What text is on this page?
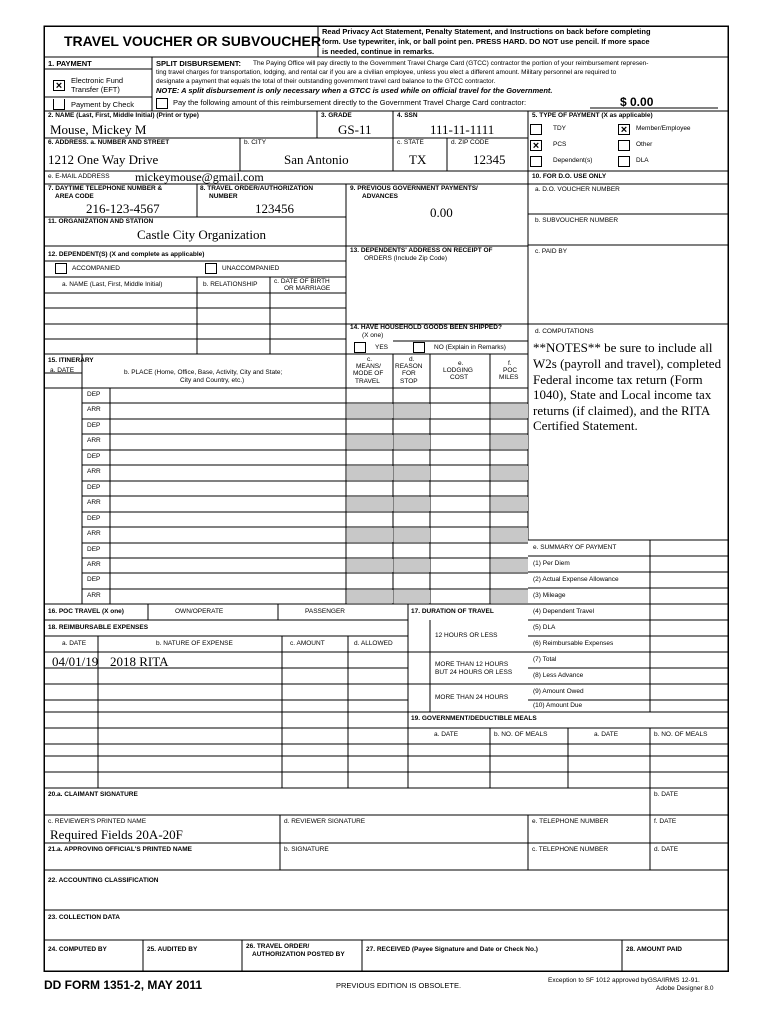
TRAVEL VOUCHER OR SUBVOUCHER
Read Privacy Act Statement, Penalty Statement, and Instructions on back before completing
form. Use typewriter, ink, or ball point pen. PRESS HARD. DO NOT use pencil. If more space
is needed, continue in remarks.
1. PAYMENT
×	Electronic Fund
Transfer (EFT)
Payment by Check
SPLIT DISBURSEMENT: The Paying Office will pay directly to the Government Travel Charge Card (GTCC) contractor the portion of your reimbursement represen-
ting travel charges for transportation, lodging, and rental car if you are a civilian employee, unless you elect a different amount. Military personnel are required to
designate a payment that equals the total of their outstanding government travel card balance to the GTCC contractor.
NOTE: A split disbursement is only necessary when a GTCC is used while on official travel for the Government.
Pay the following amount of this reimbursement directly to the Government Travel Charge Card contractor:	$ 0.00
2. NAME (Last, First, Middle Initial) (Print or type)
Mouse, Mickey M
3. GRADE
GS-11
4. SSN
111-11-1111
6. ADDRESS. a. NUMBER AND STREET
1212 One Way Drive
b. CITY
San Antonio
c. STATE
TX
d. ZIP CODE
12345
5. TYPE OF PAYMENT (X as applicable)
TDY	×	Member/Employee
×	PCS	Other
Dependent(s)	DLA
e. E-MAIL ADDRESS mickeymouse@gmail.com	10. FOR D.O. USE ONLY
7. DAYTIME TELEPHONE NUMBER &
AREA CODE
216-123-4567
8. TRAVEL ORDER/AUTHORIZATION
NUMBER
123456
9. PREVIOUS GOVERNMENT PAYMENTS/
ADVANCES
0.00
a. D.O. VOUCHER NUMBER
11. ORGANIZATION AND STATION
Castle City Organization
b. SUBVOUCHER NUMBER
c. PAID BY
12. DEPENDENT(S) (X and complete as applicable)
ACCOMPANIED	UNACCOMPANIED
a. NAME (Last, First, Middle Initial)	b. RELATIONSHIP	c. DATE OF BIRTH
OR MARRIAGE
13. DEPENDENTS' ADDRESS ON RECEIPT OF
ORDERS (Include Zip Code)
14. HAVE HOUSEHOLD GOODS BEEN SHIPPED?
(X one)
YES	NO (Explain in Remarks)
d. COMPUTATIONS
**NOTES** be sure to include all
W2s (payroll and travel), completed
Federal income tax return (Form
1040), State and Local income tax
returns (if claimed), and the RITA
Certified Statement.
15. ITINERARY
a. DATE	b. PLACE (Home, Office, Base, Activity, City and State;
City and Country, etc.)
c.
MEANS/
MODE OF
TRAVEL
d.
REASON
FOR
STOP
e.
LODGING
COST
f.
POC
MILES
DEP
ARR
DEP
ARR
DEP
ARR
DEP
ARR
DEP
ARR
DEP
ARR
DEP
ARR
e. SUMMARY OF PAYMENT
(1) Per Diem
(2) Actual Expense Allowance
(3) Mileage
(4) Dependent Travel
(5) DLA
(6) Reimbursable Expenses
(7) Total
(8) Less Advance
(9) Amount Owed
(10) Amount Due
16. POC TRAVEL (X one)	OWN/OPERATE	PASSENGER	17. DURATION OF TRAVEL
12 HOURS OR LESS
MORE THAN 12 HOURS
BUT 24 HOURS OR LESS
MORE THAN 24 HOURS
18. REIMBURSABLE EXPENSES
a. DATE	b. NATURE OF EXPENSE	c. AMOUNT	d. ALLOWED
04/01/19 2018 RITA
19. GOVERNMENT/DEDUCTIBLE MEALS
a. DATE	b. NO. OF MEALS	a. DATE	b. NO. OF MEALS
20.a. CLAIMANT SIGNATURE	b. DATE
c. REVIEWER'S PRINTED NAME
Required Fields 20A-20F
d. REVIEWER SIGNATURE	e. TELEPHONE NUMBER	f. DATE
21.a. APPROVING OFFICIAL'S PRINTED NAME	b. SIGNATURE	c. TELEPHONE NUMBER	d. DATE
22. ACCOUNTING CLASSIFICATION
23. COLLECTION DATA
24. COMPUTED BY	25. AUDITED BY	26. TRAVEL ORDER/
AUTHORIZATION POSTED BY
27. RECEIVED (Payee Signature and Date or Check No.)	28. AMOUNT PAID
DD FORM 1351-2, MAY 2011	PREVIOUS EDITION IS OBSOLETE.
Exception to SF 1012 approved byGSA/IRMS 12-91.
Adobe Designer 8.0
